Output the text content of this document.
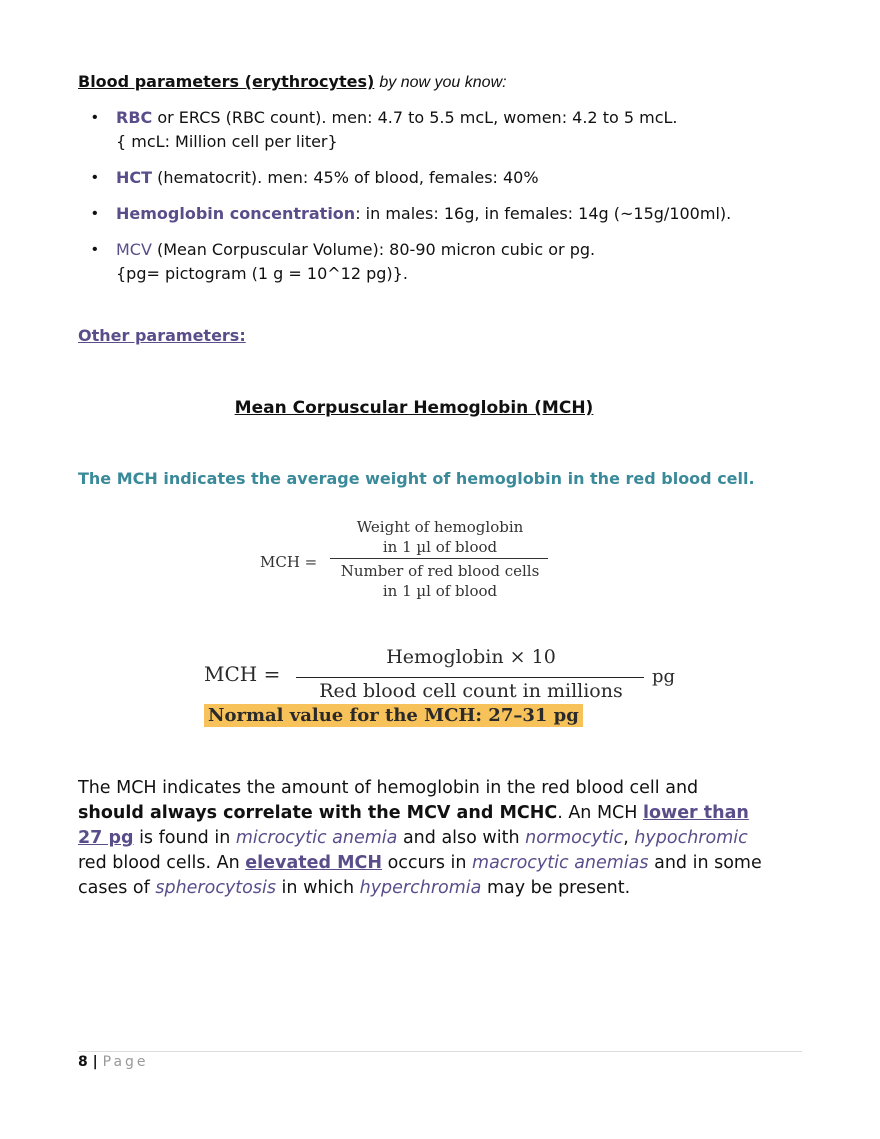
Blood parameters (erythrocytes) by now you know:
• RBC or ERCS (RBC count). men: 4.7 to 5.5 mcL, women: 4.2 to 5 mcL.
{ mcL: Million cell per liter}
• HCT (hematocrit). men: 45% of blood, females: 40%
• Hemoglobin concentration: in males: 16g, in females: 14g (~15g/100ml).
• MCV (Mean Corpuscular Volume): 80-90 micron cubic or pg.
{pg= pictogram (1 g = 10^12 pg)}.
Other parameters:
Mean Corpuscular Hemoglobin (MCH)
The MCH indicates the average weight of hemoglobin in the red blood cell.
MCH =
Weight of hemoglobin
in 1 µl of blood
Number of red blood cells
in 1 µl of blood
MCH =
Hemoglobin × 10
Red blood cell count in millions
pg
Normal value for the MCH: 27–31 pg
The MCH indicates the amount of hemoglobin in the red blood cell and should always correlate with the MCV and MCHC. An MCH lower than 27 pg is found in microcytic anemia and also with normocytic, hypochromic red blood cells. An elevated MCH occurs in macrocytic anemias and in some cases of spherocytosis in which hyperchromia may be present.
8 | Page
